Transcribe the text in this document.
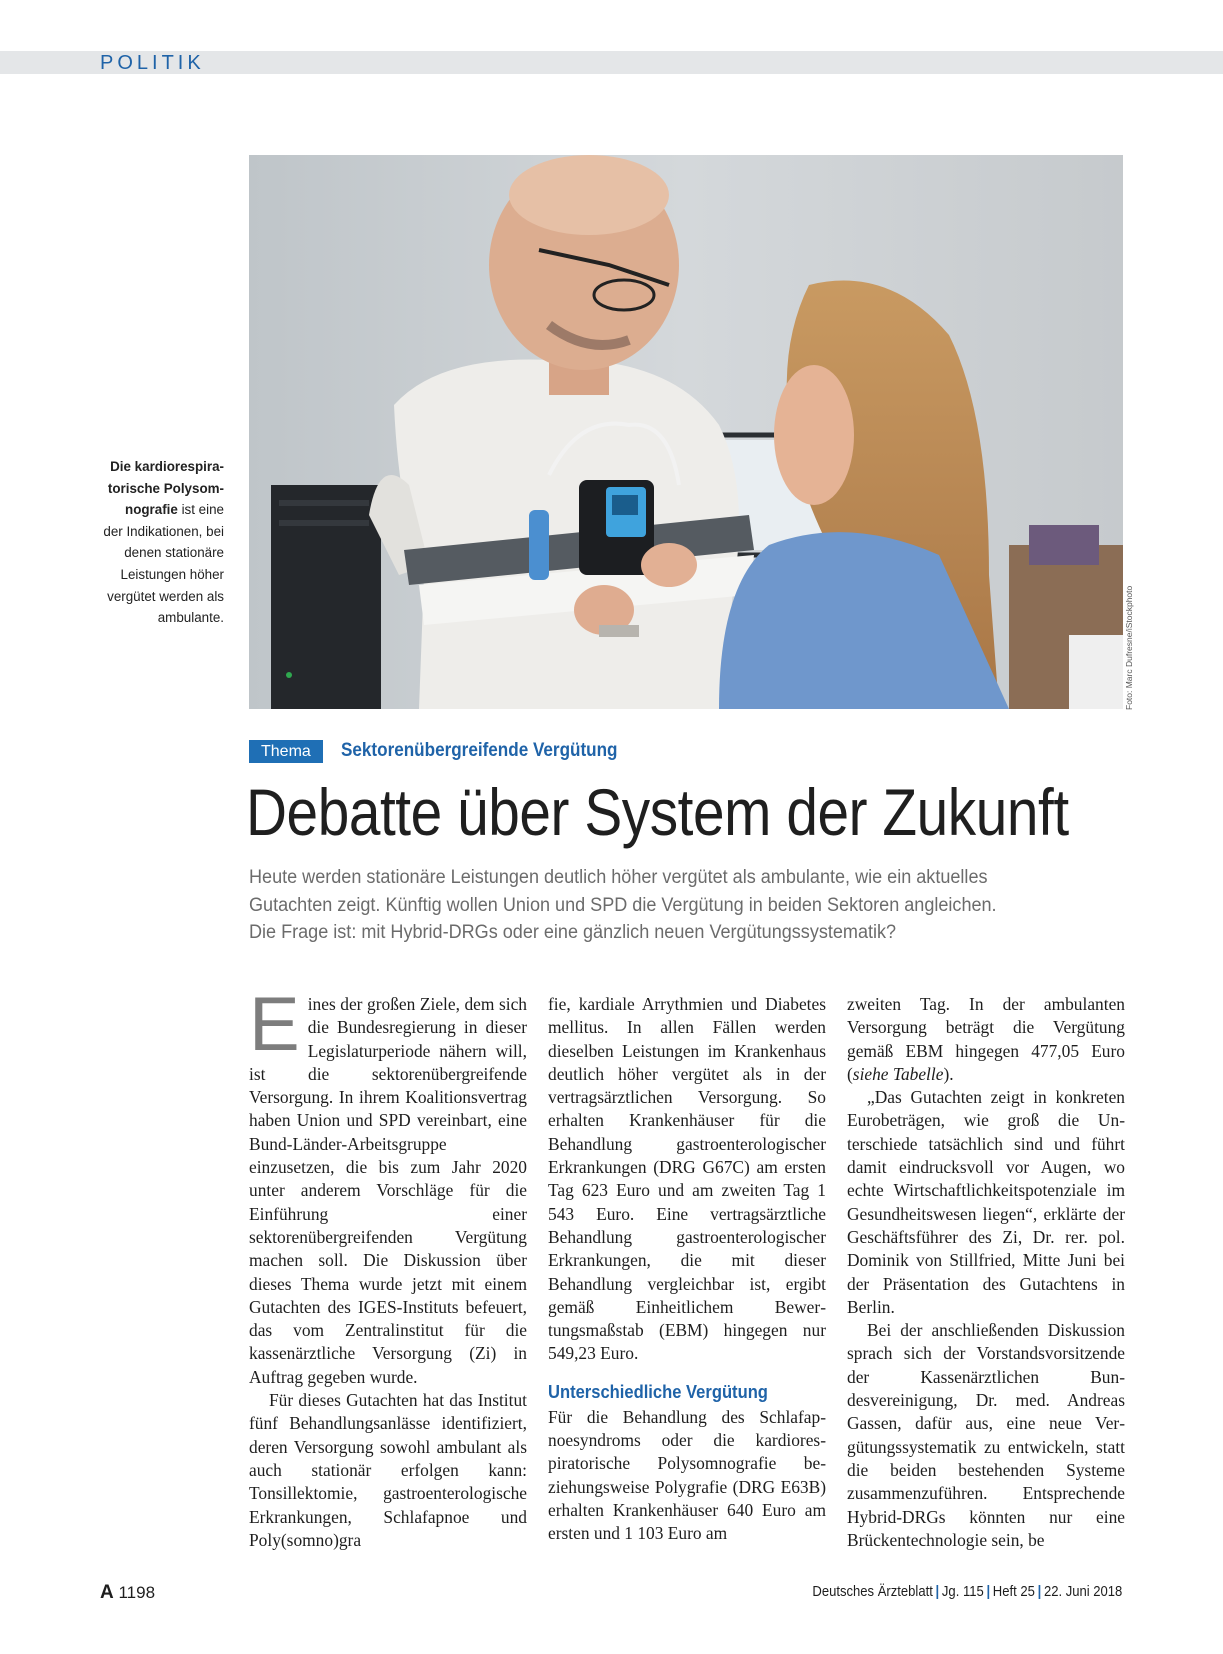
POLITIK
Die kardiorespira-
torische Polysom-
nografie ist eine
der Indikationen, bei
denen stationäre
Leistungen höher
vergütet werden als
ambulante.	Foto: Marc Dufresne/iStockphoto
Thema	Sektorenübergreifende Vergütung
Debatte über System der Zukunft
Heute werden stationäre Leistungen deutlich höher vergütet als ambulante, wie ein aktuelles
Gutachten zeigt. Künftig wollen Union und SPD die Vergütung in beiden Sektoren angleichen.
Die Frage ist: mit Hybrid-DRGs oder eine gänzlich neuen Vergütungssystematik?

Eines der großen Ziele, dem sich die Bundesregierung in dieser Legislaturperiode nähern will, ist die sektorenübergreifende Versorgung. In ihrem Koalitionsvertrag haben Union und SPD vereinbart, eine Bund-Länder-Arbeitsgruppe einzusetzen, die bis zum Jahr 2020 unter anderem Vorschläge für die Einführung einer sektorenübergreifenden Vergütung machen soll. Die Diskussion über dieses Thema wurde jetzt mit einem Gutachten des IGES-Instituts befeuert, das vom Zentralinstitut für die kassenärztliche Versorgung (Zi) in Auftrag gegeben wurde.

Für dieses Gutachten hat das Institut fünf Behandlungsanlässe identifiziert, deren Versorgung sowohl ambulant als auch stationär erfolgen kann: Tonsillektomie, gastroenterologische Erkrankungen, Schlafapnoe und Poly(somno)gra

fie, kardiale Arrythmien und Diabetes mellitus. In allen Fällen werden dieselben Leistungen im Krankenhaus deutlich höher vergütet als in der vertragsärztlichen Versorgung. So erhalten Krankenhäuser für die Behandlung gastroenterologischer Erkrankungen (DRG G67C) am ersten Tag 623 Euro und am zweiten Tag 1 543 Euro. Eine vertragsärztliche Behandlung gastroenterologischer Erkrankungen, die mit dieser Behandlung vergleichbar ist, ergibt gemäß Einheitlichem Bewertungsmaßstab (EBM) hingegen nur 549,23 Euro.

Unterschiedliche Vergütung

Für die Behandlung des Schlafapnoesyndroms oder die kardiorespiratorische Polysomnografie beziehungsweise Polygrafie (DRG E63B) erhalten Krankenhäuser 640 Euro am ersten und 1 103 Euro am

zweiten Tag. In der ambulanten Versorgung beträgt die Vergütung gemäß EBM hingegen 477,05 Euro (siehe Tabelle).

„Das Gutachten zeigt in konkreten Eurobeträgen, wie groß die Unterschiede tatsächlich sind und führt damit eindrucksvoll vor Augen, wo echte Wirtschaftlichkeitspotenziale im Gesundheitswesen liegen“, erklärte der Geschäftsführer des Zi, Dr. rer. pol. Dominik von Stillfried, Mitte Juni bei der Präsentation des Gutachtens in Berlin.

Bei der anschließenden Diskussion sprach sich der Vorstandsvorsitzende der Kassenärztlichen Bundesvereinigung, Dr. med. Andreas Gassen, dafür aus, eine neue Vergütungssystematik zu entwickeln, statt die beiden bestehenden Systeme zusammenzuführen. Entsprechende Hybrid-DRGs könnten nur eine Brückentechnologie sein, be

A 1198	Deutsches Ärzteblatt | Jg. 115 | Heft 25 | 22. Juni 2018
